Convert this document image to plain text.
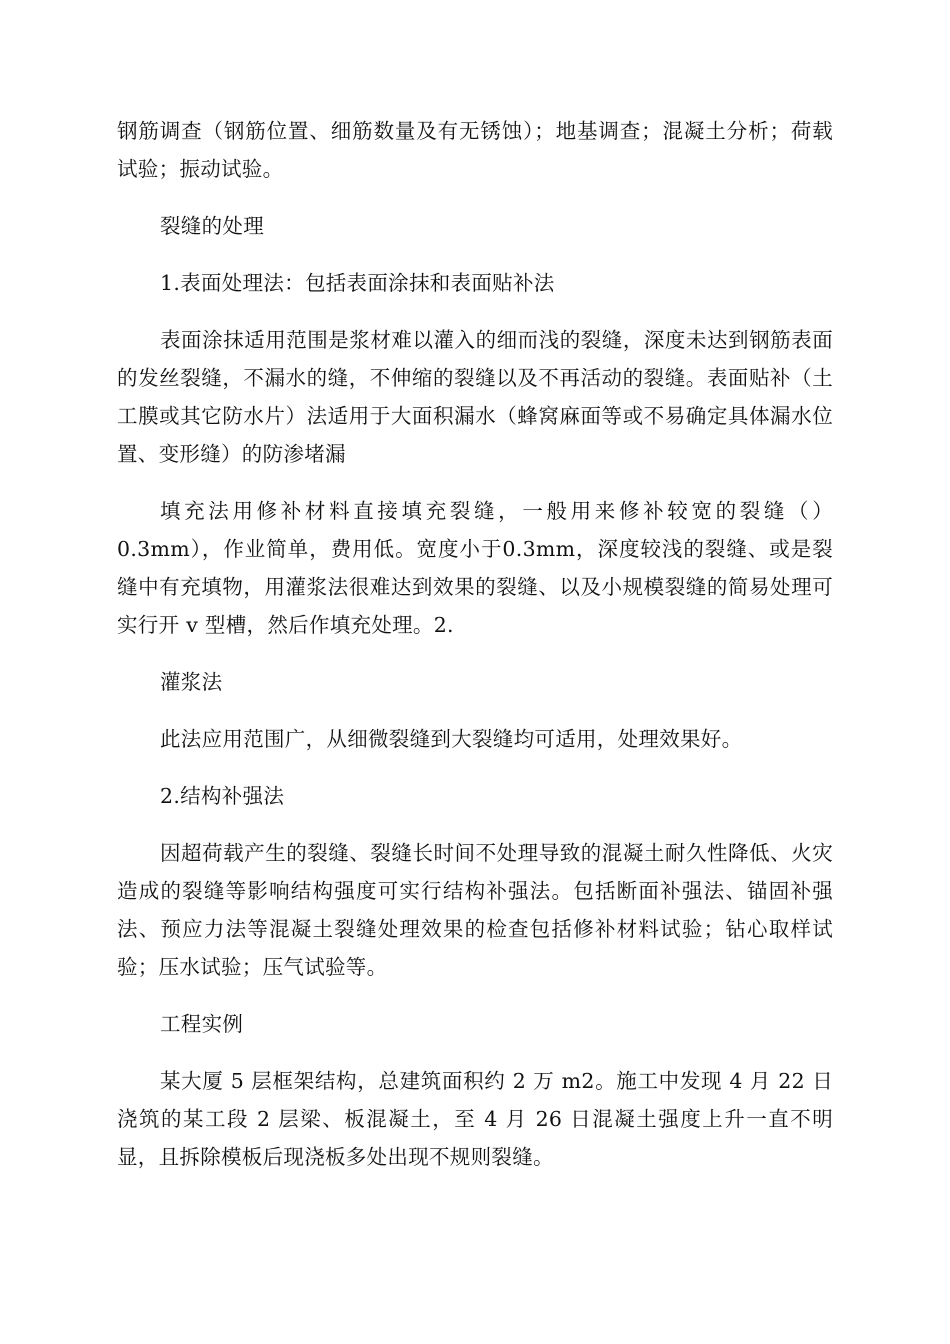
钢筋调查（钢筋位置、细筋数量及有无锈蚀）；地基调查；混凝土分析；荷载试验；振动试验。

裂缝的处理

1.表面处理法：包括表面涂抹和表面贴补法

表面涂抹适用范围是浆材难以灌入的细而浅的裂缝，深度未达到钢筋表面的发丝裂缝，不漏水的缝，不伸缩的裂缝以及不再活动的裂缝。表面贴补（土工膜或其它防水片）法适用于大面积漏水（蜂窝麻面等或不易确定具体漏水位置、变形缝）的防渗堵漏

填充法用修补材料直接填充裂缝，一般用来修补较宽的裂缝（）0.3mm），作业简单，费用低。宽度小于0.3mm，深度较浅的裂缝、或是裂缝中有充填物，用灌浆法很难达到效果的裂缝、以及小规模裂缝的简易处理可实行开 v 型槽，然后作填充处理。2.

灌浆法

此法应用范围广，从细微裂缝到大裂缝均可适用，处理效果好。

2.结构补强法

因超荷载产生的裂缝、裂缝长时间不处理导致的混凝土耐久性降低、火灾造成的裂缝等影响结构强度可实行结构补强法。包括断面补强法、锚固补强法、预应力法等混凝土裂缝处理效果的检查包括修补材料试验；钻心取样试验；压水试验；压气试验等。

工程实例

某大厦 5 层框架结构，总建筑面积约 2 万 m2。施工中发现 4 月 22 日浇筑的某工段 2 层梁、板混凝土，至 4 月 26 日混凝土强度上升一直不明显，且拆除模板后现浇板多处出现不规则裂缝。
